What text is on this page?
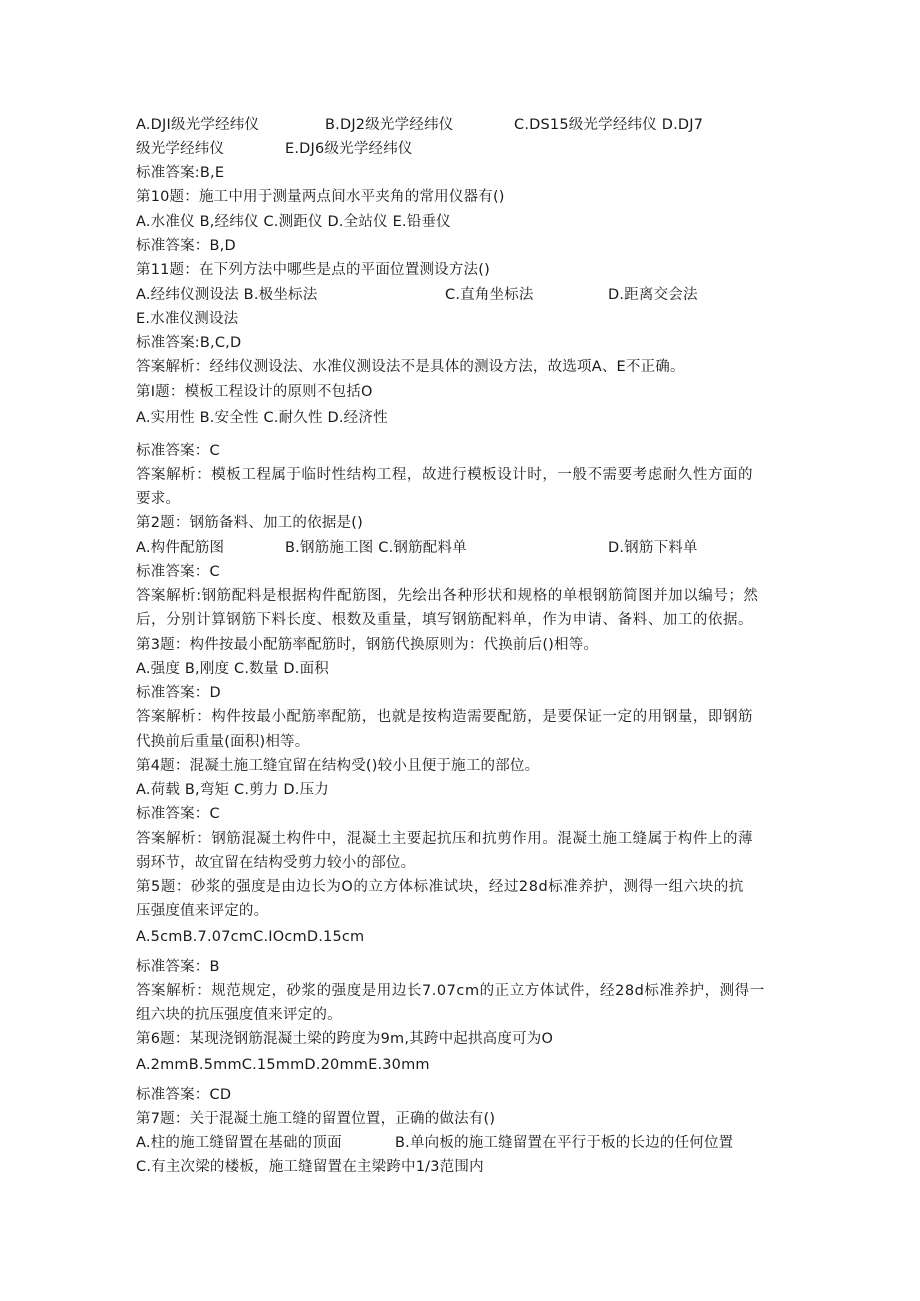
A.DJI级光学经纬仪	B.DJ2级光学经纬仪	C.DS15级光学经纬仪 D.DJ7
级光学经纬仪	E.DJ6级光学经纬仪
标准答案:B,E
第10题：施工中用于测量两点间水平夹角的常用仪器有()
A.水准仪 B,经纬仪 C.测距仪 D.全站仪 E.铅垂仪
标准答案：B,D
第11题：在下列方法中哪些是点的平面位置测设方法()
A.经纬仪测设法 B.极坐标法	C.直角坐标法	D.距离交会法
E.水准仪测设法
标准答案:B,C,D
答案解析：经纬仪测设法、水准仪测设法不是具体的测设方法，故选项A、E不正确。
第I题：模板工程设计的原则不包括O
A.实用性 B.安全性 C.耐久性 D.经济性
标准答案：C
答案解析：模板工程属于临时性结构工程，故进行模板设计时，一般不需要考虑耐久性方面的
要求。
第2题：钢筋备料、加工的依据是()
A.构件配筋图	B.钢筋施工图 C.钢筋配料单	D.钢筋下料单
标准答案：C
答案解析:钢筋配料是根据构件配筋图，先绘出各种形状和规格的单根钢筋简图并加以编号；然
后，分别计算钢筋下料长度、根数及重量，填写钢筋配料单，作为申请、备料、加工的依据。
第3题：构件按最小配筋率配筋时，钢筋代换原则为：代换前后()相等。
A.强度 B,刚度 C.数量 D.面积
标准答案：D
答案解析：构件按最小配筋率配筋，也就是按构造需要配筋，是要保证一定的用钢量，即钢筋
代换前后重量(面积)相等。
第4题：混凝土施工缝宜留在结构受()较小且便于施工的部位。
A.荷载 B,弯矩 C.剪力 D.压力
标准答案：C
答案解析：钢筋混凝土构件中，混凝土主要起抗压和抗剪作用。混凝土施工缝属于构件上的薄
弱环节，故宜留在结构受剪力较小的部位。
第5题：砂浆的强度是由边长为O的立方体标准试块，经过28d标准养护，测得一组六块的抗
压强度值来评定的。
A.5cmB.7.07cmC.IOcmD.15cm
标准答案：B
答案解析：规范规定，砂浆的强度是用边长7.07cm的正立方体试件，经28d标准养护，测得一
组六块的抗压强度值来评定的。
第6题：某现浇钢筋混凝土梁的跨度为9m,其跨中起拱高度可为O
A.2mmB.5mmC.15mmD.20mmE.30mm
标准答案：CD
第7题：关于混凝土施工缝的留置位置，正确的做法有()
A.柱的施工缝留置在基础的顶面	B.单向板的施工缝留置在平行于板的长边的任何位置
C.有主次梁的楼板，施工缝留置在主梁跨中1/3范围内
